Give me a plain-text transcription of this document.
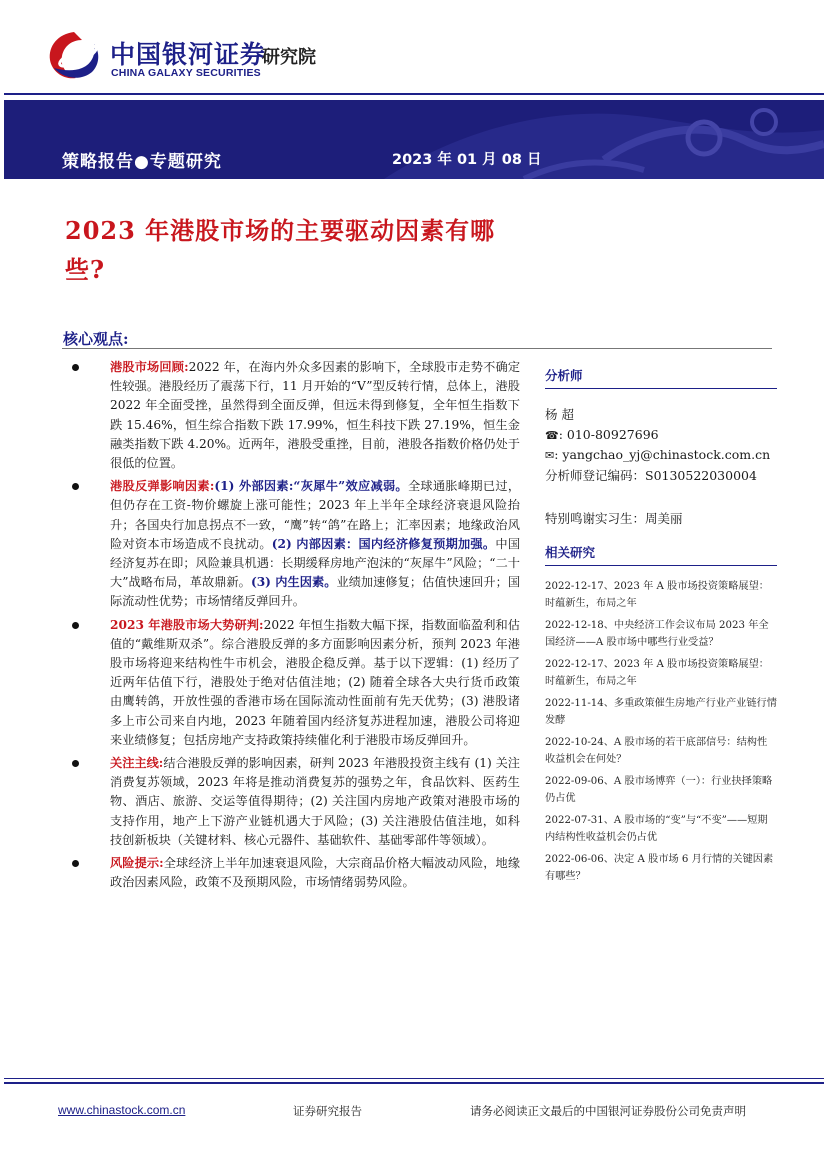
中国银河证券
CHINA GALAXY SECURITIES
研究院
策略报告●专题研究	2023 年 01 月 08 日
2023 年港股市场的主要驱动因素有哪些?
核心观点:
港股市场回顾:2022 年，在海内外众多因素的影响下，全球股市走势不确定性较强。港股经历了震荡下行，11 月开始的“V”型反转行情，总体上，港股 2022 年全面受挫，虽然得到全面反弹，但远未得到修复，全年恒生指数下跌 15.46%，恒生综合指数下跌 17.99%，恒生科技下跌 27.19%，恒生金融类指数下跌 4.20%。近两年，港股受重挫，目前，港股各指数价格仍处于很低的位置。
港股反弹影响因素:(1) 外部因素:“灰犀牛”效应减弱。全球通胀峰期已过，但仍存在工资-物价螺旋上涨可能性；2023 年上半年全球经济衰退风险抬升；各国央行加息拐点不一致，“鹰”转“鸽”在路上；汇率因素；地缘政治风险对资本市场造成不良扰动。(2) 内部因素：国内经济修复预期加强。中国经济复苏在即；风险兼具机遇：长期缓释房地产泡沫的“灰犀牛”风险；“二十大”战略布局，革故鼎新。(3) 内生因素。业绩加速修复；估值快速回升；国际流动性优势；市场情绪反弹回升。
2023 年港股市场大势研判:2022 年恒生指数大幅下探，指数面临盈利和估值的“戴维斯双杀”。综合港股反弹的多方面影响因素分析，预判 2023 年港股市场将迎来结构性牛市机会，港股企稳反弹。基于以下逻辑：(1) 经历了近两年估值下行，港股处于绝对估值洼地；(2) 随着全球各大央行货币政策由鹰转鸽，开放性强的香港市场在国际流动性面前有先天优势；(3) 港股诸多上市公司来自内地，2023 年随着国内经济复苏进程加速，港股公司将迎来业绩修复；包括房地产支持政策持续催化利于港股市场反弹回升。
关注主线:结合港股反弹的影响因素，研判 2023 年港股投资主线有 (1) 关注消费复苏领域，2023 年将是推动消费复苏的强势之年，食品饮料、医药生物、酒店、旅游、交运等值得期待；(2) 关注国内房地产政策对港股市场的支持作用，地产上下游产业链机遇大于风险；(3) 关注港股估值洼地，如科技创新板块（关键材料、核心元器件、基础软件、基础零部件等领域）。
风险提示:全球经济上半年加速衰退风险，大宗商品价格大幅波动风险，地缘政治因素风险，政策不及预期风险，市场情绪弱势风险。
分析师
杨 超
☎: 010-80927696
✉: yangchao_yj@chinastock.com.cn
分析师登记编码：S0130522030004
特别鸣谢实习生：周美丽
相关研究
2022-12-17、2023 年 A 股市场投资策略展望：时蕴新生，布局之年
2022-12-18、中央经济工作会议布局 2023 年全国经济——A 股市场中哪些行业受益？
2022-12-17、2023 年 A 股市场投资策略展望：时蕴新生，布局之年
2022-11-14、多重政策催生房地产行业产业链行情发酵
2022-10-24、A 股市场的若干底部信号：结构性收益机会在何处？
2022-09-06、A 股市场博弈（一）：行业抉择策略仍占优
2022-07-31、A 股市场的“变”与“不变”——短期内结构性收益机会仍占优
2022-06-06、决定 A 股市场 6 月行情的关键因素有哪些？
www.chinastock.com.cn	证券研究报告	请务必阅读正文最后的中国银河证券股份公司免责声明
